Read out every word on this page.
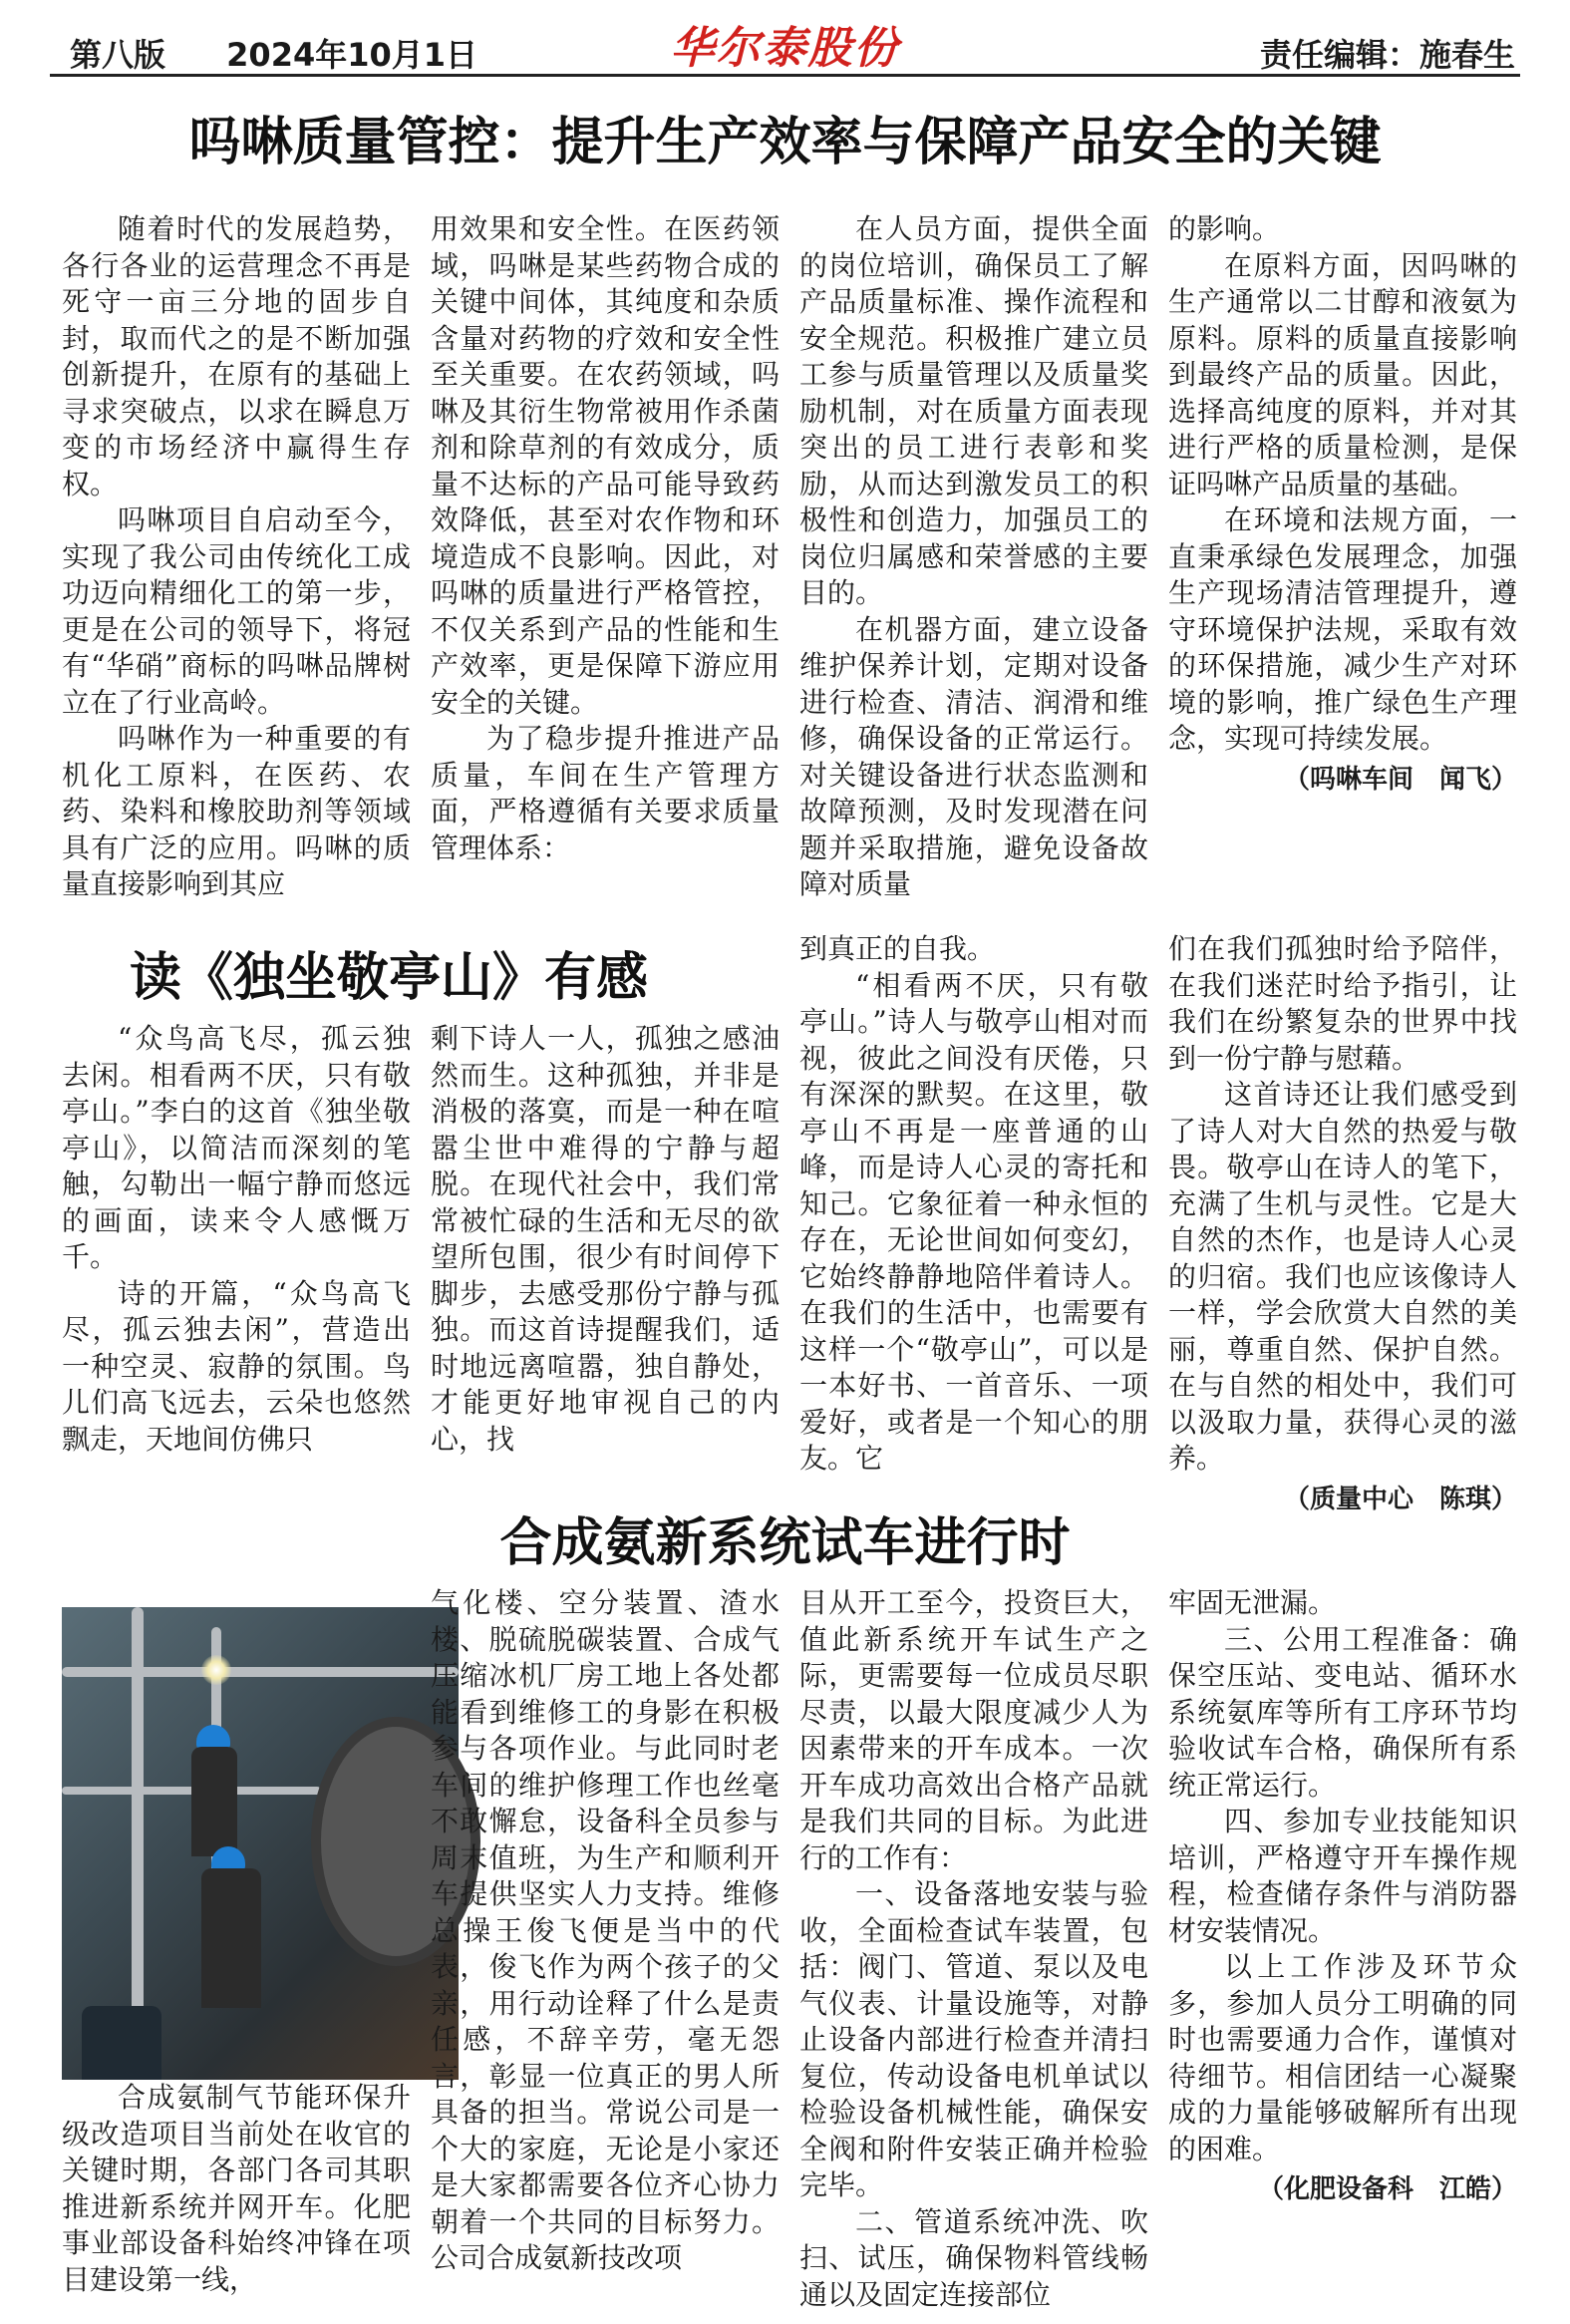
第八版 2024年10月1日	华尔泰股份	责任编辑：施春生
吗啉质量管控：提升生产效率与保障产品安全的关键

随着时代的发展趋势，各行各业的运营理念不再是死守一亩三分地的固步自封，取而代之的是不断加强创新提升，在原有的基础上寻求突破点，以求在瞬息万变的市场经济中赢得生存权。

吗啉项目自启动至今，实现了我公司由传统化工成功迈向精细化工的第一步，更是在公司的领导下，将冠有“华硝”商标的吗啉品牌树立在了行业高岭。

吗啉作为一种重要的有机化工原料，在医药、农药、染料和橡胶助剂等领域具有广泛的应用。吗啉的质量直接影响到其应

用效果和安全性。在医药领域，吗啉是某些药物合成的关键中间体，其纯度和杂质含量对药物的疗效和安全性至关重要。在农药领域，吗啉及其衍生物常被用作杀菌剂和除草剂的有效成分，质量不达标的产品可能导致药效降低，甚至对农作物和环境造成不良影响。因此，对吗啉的质量进行严格管控，不仅关系到产品的性能和生产效率，更是保障下游应用安全的关键。

为了稳步提升推进产品质量，车间在生产管理方面，严格遵循有关要求质量管理体系：

在人员方面，提供全面的岗位培训，确保员工了解产品质量标准、操作流程和安全规范。积极推广建立员工参与质量管理以及质量奖励机制，对在质量方面表现突出的员工进行表彰和奖励，从而达到激发员工的积极性和创造力，加强员工的岗位归属感和荣誉感的主要目的。

在机器方面，建立设备维护保养计划，定期对设备进行检查、清洁、润滑和维修，确保设备的正常运行。对关键设备进行状态监测和故障预测，及时发现潜在问题并采取措施，避免设备故障对质量

的影响。

在原料方面，因吗啉的生产通常以二甘醇和液氨为原料。原料的质量直接影响到最终产品的质量。因此，选择高纯度的原料，并对其进行严格的质量检测，是保证吗啉产品质量的基础。

在环境和法规方面，一直秉承绿色发展理念，加强生产现场清洁管理提升，遵守环境保护法规，采取有效的环保措施，减少生产对环境的影响，推广绿色生产理念，实现可持续发展。

（吗啉车间　闻飞）

读《独坐敬亭山》有感

“众鸟高飞尽，孤云独去闲。相看两不厌，只有敬亭山。”李白的这首《独坐敬亭山》，以简洁而深刻的笔触，勾勒出一幅宁静而悠远的画面，读来令人感慨万千。

诗的开篇，“众鸟高飞尽，孤云独去闲”，营造出一种空灵、寂静的氛围。鸟儿们高飞远去，云朵也悠然飘走，天地间仿佛只

剩下诗人一人，孤独之感油然而生。这种孤独，并非是消极的落寞，而是一种在喧嚣尘世中难得的宁静与超脱。在现代社会中，我们常常被忙碌的生活和无尽的欲望所包围，很少有时间停下脚步，去感受那份宁静与孤独。而这首诗提醒我们，适时地远离喧嚣，独自静处，才能更好地审视自己的内心，找

到真正的自我。

“相看两不厌，只有敬亭山。”诗人与敬亭山相对而视，彼此之间没有厌倦，只有深深的默契。在这里，敬亭山不再是一座普通的山峰，而是诗人心灵的寄托和知己。它象征着一种永恒的存在，无论世间如何变幻，它始终静静地陪伴着诗人。在我们的生活中，也需要有这样一个“敬亭山”，可以是一本好书、一首音乐、一项爱好，或者是一个知心的朋友。它

们在我们孤独时给予陪伴，在我们迷茫时给予指引，让我们在纷繁复杂的世界中找到一份宁静与慰藉。

这首诗还让我们感受到了诗人对大自然的热爱与敬畏。敬亭山在诗人的笔下，充满了生机与灵性。它是大自然的杰作，也是诗人心灵的归宿。我们也应该像诗人一样，学会欣赏大自然的美丽，尊重自然、保护自然。在与自然的相处中，我们可以汲取力量，获得心灵的滋养。

（质量中心　陈琪）

合成氨新系统试车进行时

合成氨制气节能环保升级改造项目当前处在收官的关键时期，各部门各司其职推进新系统并网开车。化肥事业部设备科始终冲锋在项目建设第一线，

气化楼、空分装置、渣水楼、脱硫脱碳装置、合成气压缩冰机厂房工地上各处都能看到维修工的身影在积极参与各项作业。与此同时老车间的维护修理工作也丝毫不敢懈怠，设备科全员参与周末值班，为生产和顺利开车提供坚实人力支持。维修总操王俊飞便是当中的代表，俊飞作为两个孩子的父亲，用行动诠释了什么是责任感，不辞辛劳，毫无怨言，彰显一位真正的男人所具备的担当。常说公司是一个大的家庭，无论是小家还是大家都需要各位齐心协力朝着一个共同的目标努力。公司合成氨新技改项

目从开工至今，投资巨大，值此新系统开车试生产之际，更需要每一位成员尽职尽责，以最大限度减少人为因素带来的开车成本。一次开车成功高效出合格产品就是我们共同的目标。为此进行的工作有：

一、设备落地安装与验收，全面检查试车装置，包括：阀门、管道、泵以及电气仪表、计量设施等，对静止设备内部进行检查并清扫复位，传动设备电机单试以检验设备机械性能，确保安全阀和附件安装正确并检验完毕。

二、管道系统冲洗、吹扫、试压，确保物料管线畅通以及固定连接部位

牢固无泄漏。

三、公用工程准备：确保空压站、变电站、循环水系统氨库等所有工序环节均验收试车合格，确保所有系统正常运行。

四、参加专业技能知识培训，严格遵守开车操作规程，检查储存条件与消防器材安装情况。

以上工作涉及环节众多，参加人员分工明确的同时也需要通力合作，谨慎对待细节。相信团结一心凝聚成的力量能够破解所有出现的困难。

（化肥设备科　江皓）
